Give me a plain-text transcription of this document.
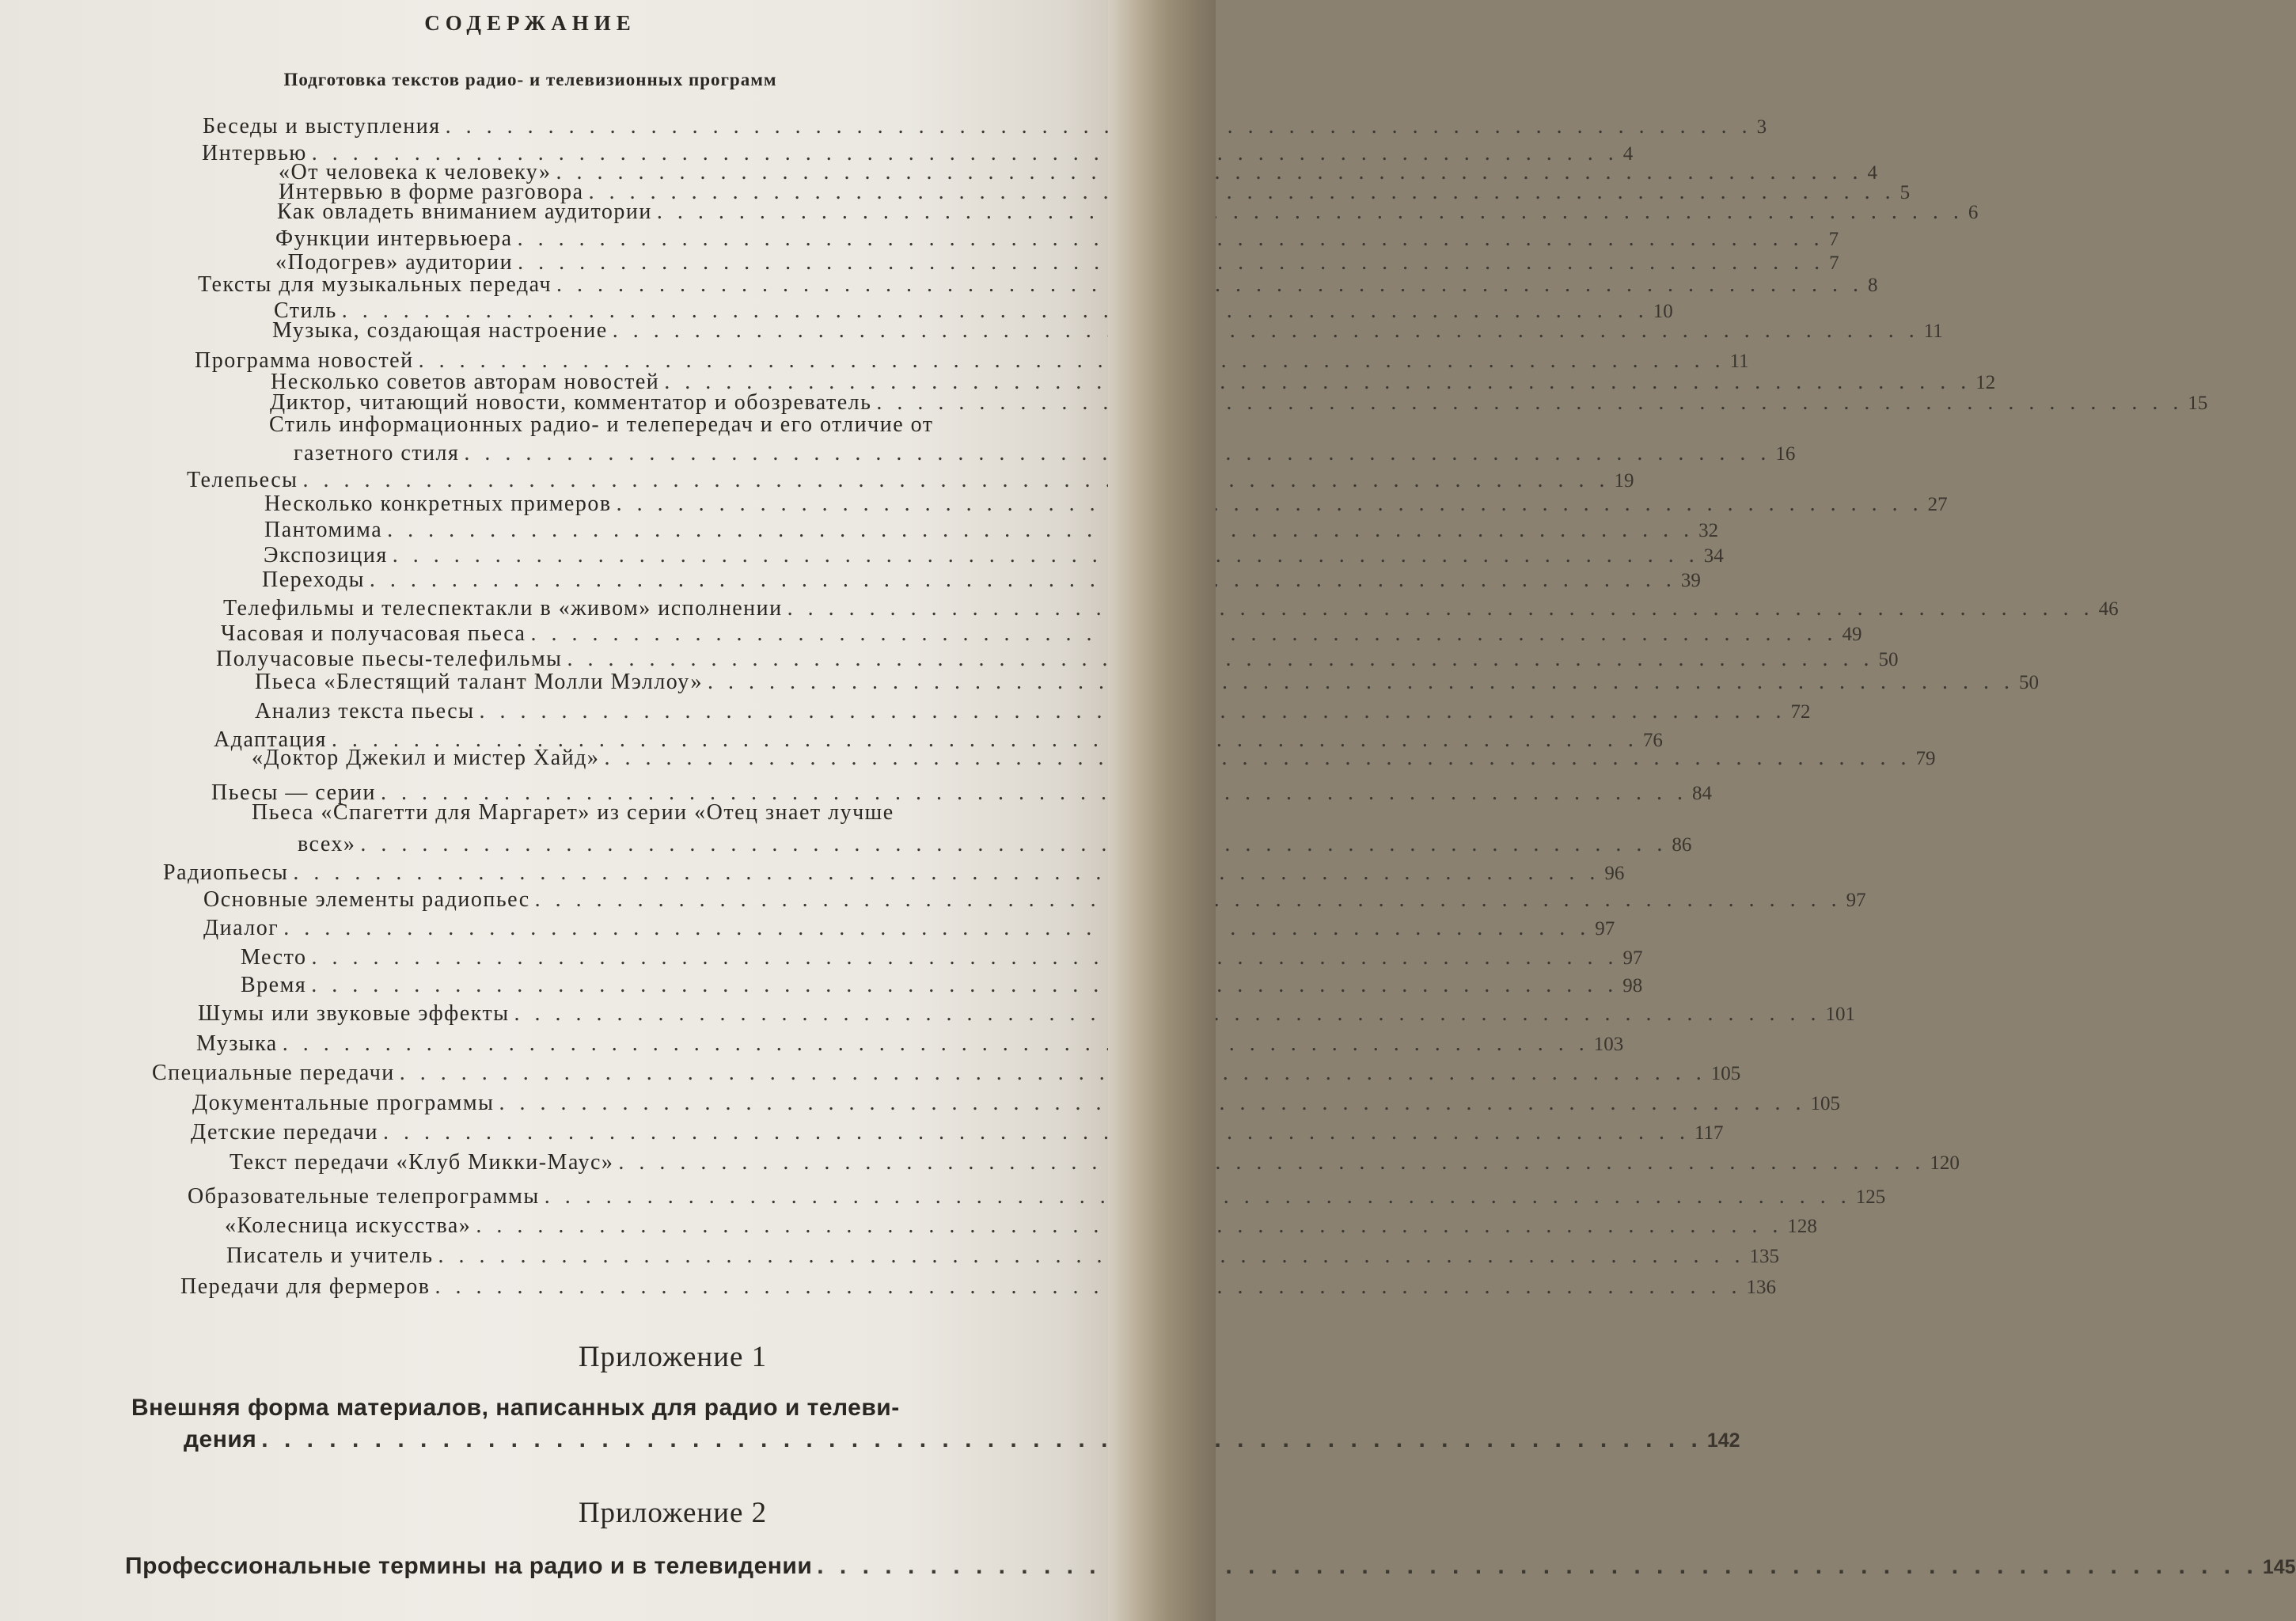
СОДЕРЖАНИЕ
Подготовка текстов радио- и телевизионных программ
Беседы и выступления . . .	3
Интервью . . .	4
«От человека к человеку» . . .	4
Интервью в форме разговора . . .	5
Как овладеть вниманием аудитории . . .	6
Функции интервьюера . . .	7
«Подогрев» аудитории . . .	7
Тексты для музыкальных передач . . .	8
Стиль . . .	10
Музыка, создающая настроение . . .	11
Программа новостей . . .	11
Несколько советов авторам новостей . . .	12
Диктор, читающий новости, комментатор и обозреватель . . .	15
Стиль информационных радио- и телепередач и его отличие от
газетного стиля . . .	16
Телепьесы . . .	19
Несколько конкретных примеров . . .	27
Пантомима . . .	32
Экспозиция . . .	34
Переходы . . .	39
Телефильмы и телеспектакли в «живом» исполнении . . .	46
Часовая и получасовая пьеса . . .	49
Получасовые пьесы-телефильмы . . .	50
Пьеса «Блестящий талант Молли Мэллоу» . . .	50
Анализ текста пьесы . . .	72
Адаптация . . .	76
«Доктор Джекил и мистер Хайд» . . .	79
Пьесы — серии . . .	84
Пьеса «Спагетти для Маргарет» из серии «Отец знает лучше
всех» . . .	86
Радиопьесы . . .	96
Основные элементы радиопьес . . .	97
Диалог . . .	97
Место . . .	97
Время . . .	98
Шумы или звуковые эффекты . . .	101
Музыка . . .	103
Специальные передачи . . .	105
Документальные программы . . .	105
Детские передачи . . .	117
Текст передачи «Клуб Микки-Маус» . . .	120
Образовательные телепрограммы . . .	125
«Колесница искусства» . . .	128
Писатель и учитель . . .	135
Передачи для фермеров . . .	136
Приложение 1
Внешняя форма материалов, написанных для радио и телеви-
дения . . .	142
Приложение 2
Профессиональные термины на радио и в телевидении . . .	145
